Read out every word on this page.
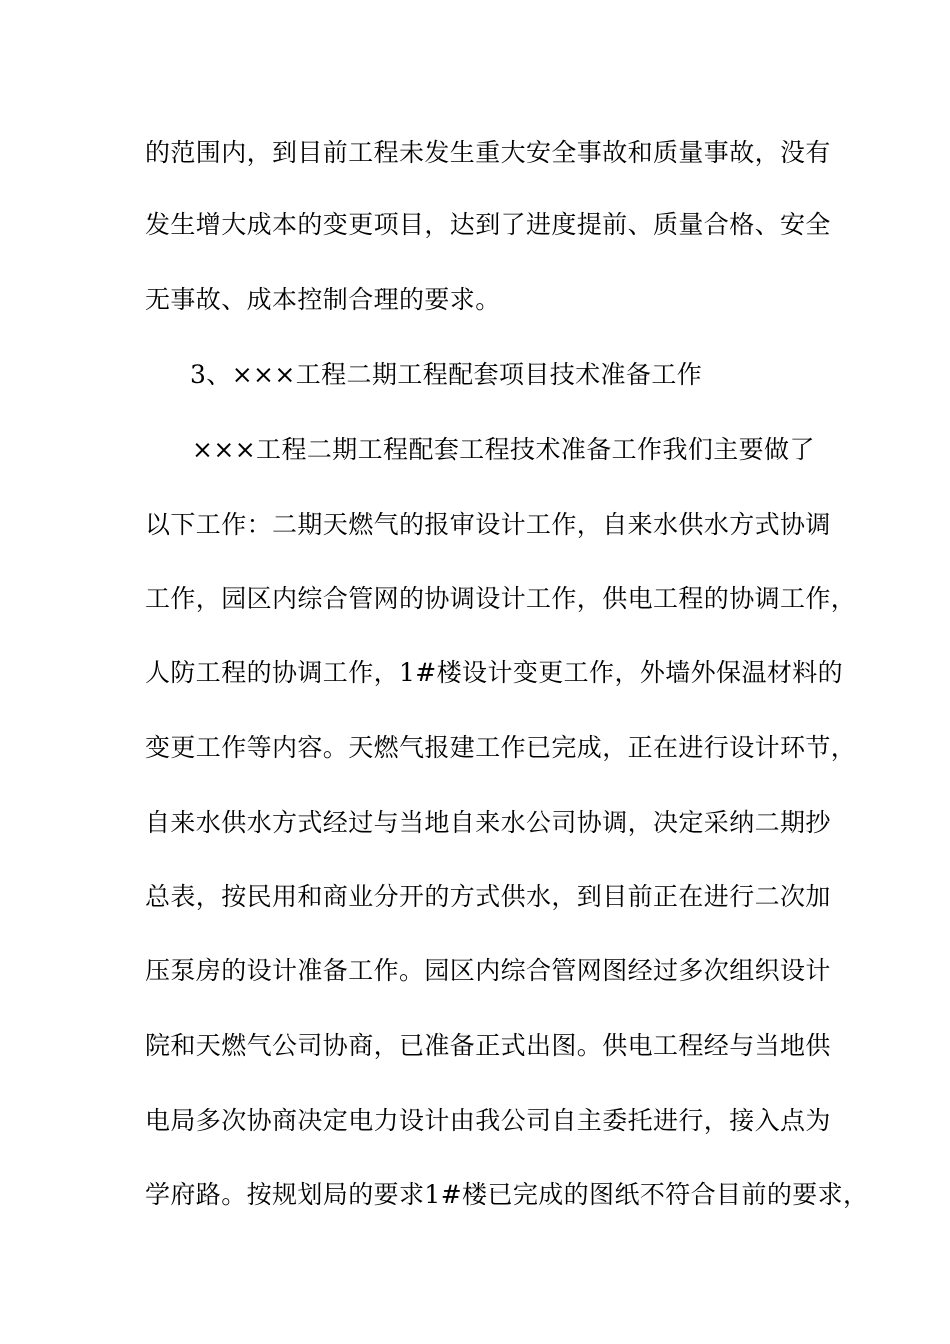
的范围内，到目前工程未发生重大安全事故和质量事故，没有
发生增大成本的变更项目，达到了进度提前、质量合格、安全
无事故、成本控制合理的要求。
3、×××工程二期工程配套项目技术准备工作
×××工程二期工程配套工程技术准备工作我们主要做了
以下工作：二期天燃气的报审设计工作，自来水供水方式协调
工作，园区内综合管网的协调设计工作，供电工程的协调工作，
人防工程的协调工作，1#楼设计变更工作，外墙外保温材料的
变更工作等内容。天燃气报建工作已完成，正在进行设计环节，
自来水供水方式经过与当地自来水公司协调，决定采纳二期抄
总表，按民用和商业分开的方式供水，到目前正在进行二次加
压泵房的设计准备工作。园区内综合管网图经过多次组织设计
院和天燃气公司协商，已准备正式出图。供电工程经与当地供
电局多次协商决定电力设计由我公司自主委托进行，接入点为
学府路。按规划局的要求1#楼已完成的图纸不符合目前的要求，
